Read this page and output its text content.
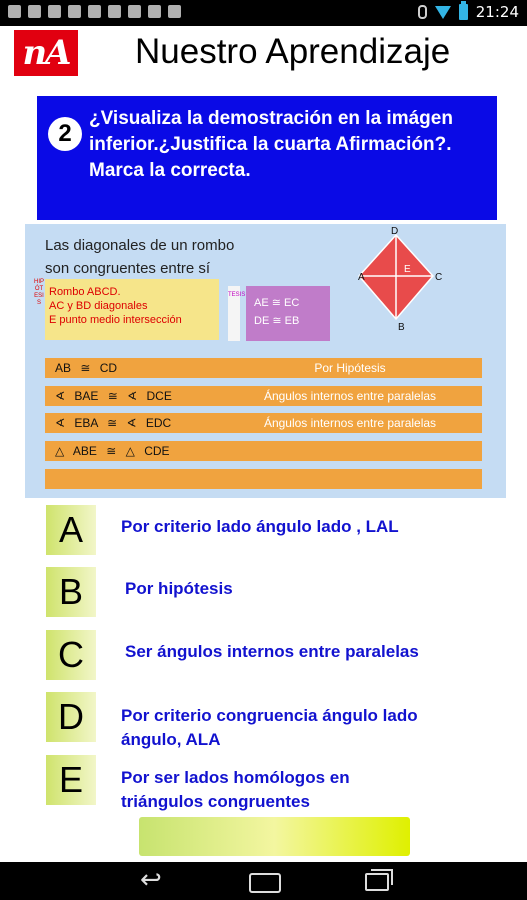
21:24
nA Nuestro Aprendizaje
2
¿Visualiza la demostración en la imágen inferior.¿Justifica la cuarta Afirmación?. Marca la correcta.
Las diagonales de un rombo
son congruentes entre sí
D
A
E
C
B
HIPÓTESIS
Rombo ABCD.
AC y BD diagonales
E punto medio intersección
TESIS
AE ≅ EC
DE ≅ EB
AB ≅ CD	Por Hipótesis
∢ BAE ≅ ∢ DCE	Ángulos internos entre paralelas
∢ EBA ≅ ∢ EDC	Ángulos internos entre paralelas
△ ABE ≅ △ CDE
A	Por criterio lado ángulo lado , LAL
B	Por hipótesis
C	Ser ángulos internos entre paralelas
D	Por criterio congruencia ángulo lado ángulo, ALA
E	Por ser lados homólogos en triángulos congruentes
↩
